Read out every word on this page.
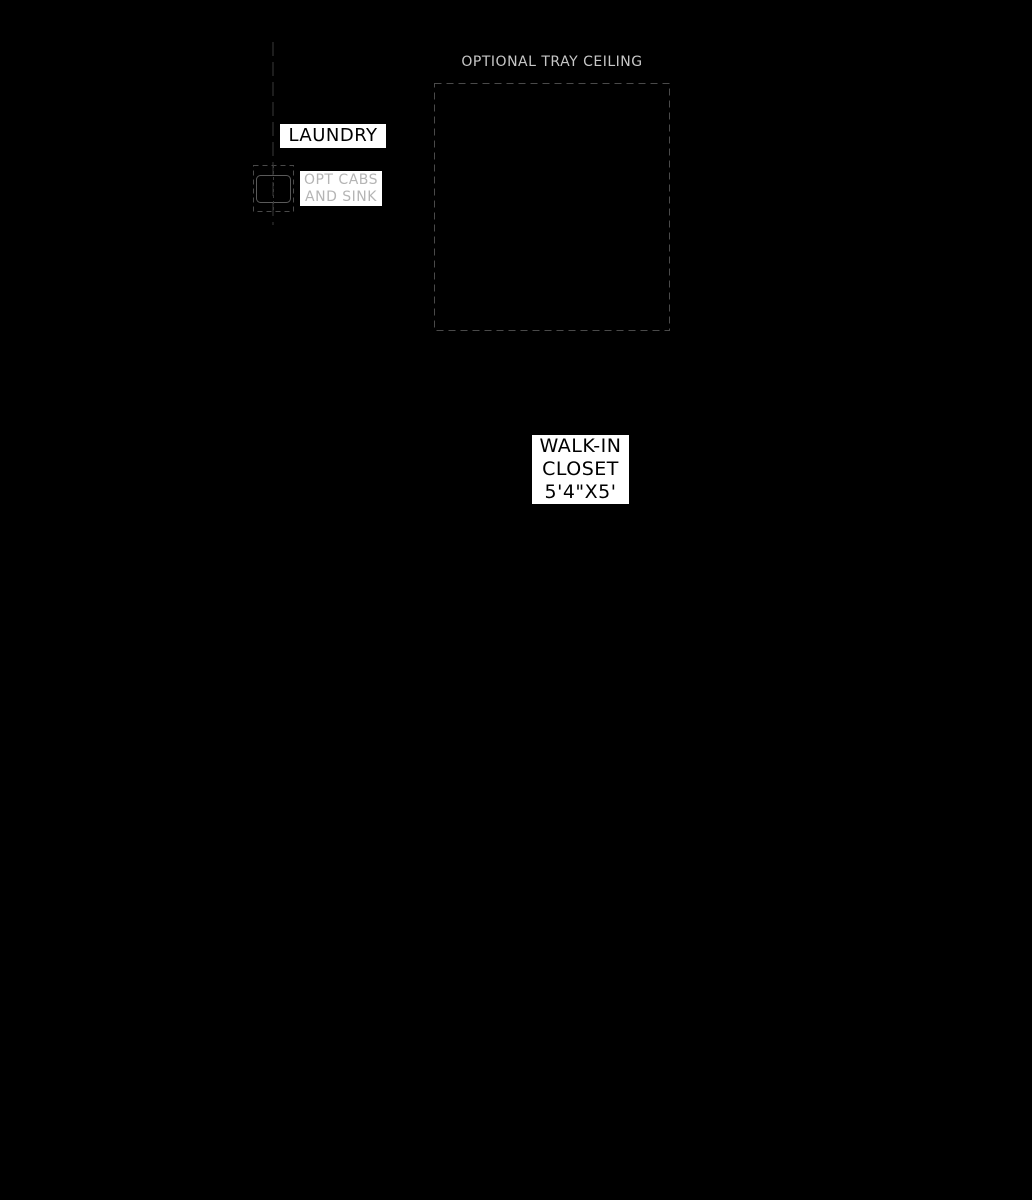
OPTIONAL TRAY CEILING
LAUNDRY
OPT CABS
AND SINK
WALK-IN
CLOSET
5'4"X5'
